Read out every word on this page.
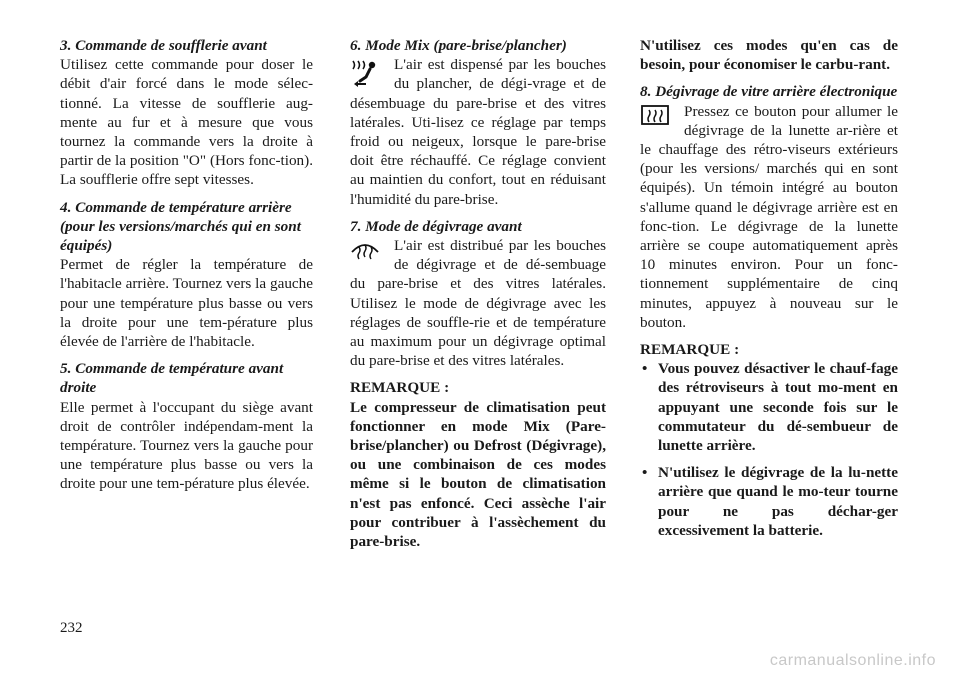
3. Commande de soufflerie avant
Utilisez cette commande pour doser le débit d'air forcé dans le mode sélec-tionné. La vitesse de soufflerie aug-mente au fur et à mesure que vous tournez la commande vers la droite à partir de la position "O" (Hors fonc-tion). La soufflerie offre sept vitesses.
4. Commande de température arrière (pour les versions/marchés qui en sont équipés)
Permet de régler la température de l'habitacle arrière. Tournez vers la gauche pour une température plus basse ou vers la droite pour une tem-pérature plus élevée de l'arrière de l'habitacle.
5. Commande de température avant droite
Elle permet à l'occupant du siège avant droit de contrôler indépendam-ment la température. Tournez vers la gauche pour une température plus basse ou vers la droite pour une tem-pérature plus élevée.
6. Mode Mix (pare-brise/plancher)
L'air est dispensé par les bouches du plancher, de dégi-vrage et de désembuage du pare-brise et des vitres latérales. Uti-lisez ce réglage par temps froid ou neigeux, lorsque le pare-brise doit être réchauffé. Ce réglage convient au maintien du confort, tout en réduisant l'humidité du pare-brise.
7. Mode de dégivrage avant
L'air est distribué par les bouches de dégivrage et de dé-sembuage du pare-brise et des vitres latérales. Utilisez le mode de dégivrage avec les réglages de souffle-rie et de température au maximum pour un dégivrage optimal du pare-brise et des vitres latérales.
REMARQUE :
Le compresseur de climatisation peut fonctionner en mode Mix (Pare-brise/plancher) ou Defrost (Dégivrage), ou une combinaison de ces modes même si le bouton de climatisation n'est pas enfoncé. Ceci assèche l'air pour contribuer à l'assèchement du pare-brise.

N'utilisez ces modes qu'en cas de besoin, pour économiser le carbu-rant.

8. Dégivrage de vitre arrière électronique
Pressez ce bouton pour allumer le dégivrage de la lunette ar-rière et le chauffage des rétro-viseurs extérieurs (pour les versions/ marchés qui en sont équipés). Un témoin intégré au bouton s'allume quand le dégivrage arrière est en fonc-tion. Le dégivrage de la lunette arrière se coupe automatiquement après 10 minutes environ. Pour un fonc-tionnement supplémentaire de cinq minutes, appuyez à nouveau sur le bouton.
REMARQUE :
• Vous pouvez désactiver le chauf-fage des rétroviseurs à tout mo-ment en appuyant une seconde fois sur le commutateur du dé-sembueur de lunette arrière.
• N'utilisez le dégivrage de la lu-nette arrière que quand le mo-teur tourne pour ne pas déchar-ger excessivement la batterie.
232
carmanualsonline.info
